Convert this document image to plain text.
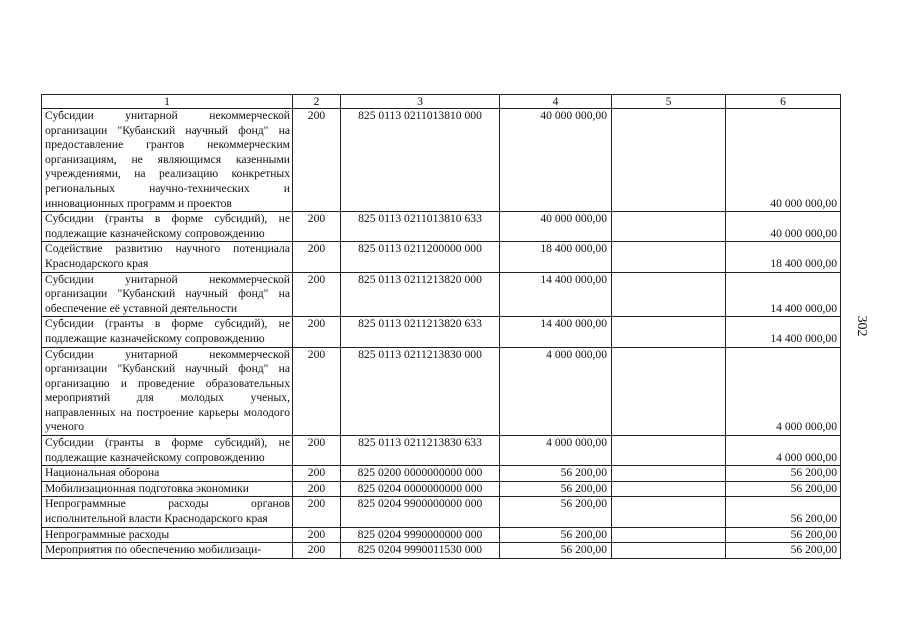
1	2	3	4	5	6
Субсидии унитарной некоммерческой организации "Кубанский научный фонд" на предоставление грантов некоммерческим организациям, не являющимся казенными учреждениями, на реализацию конкретных региональных научно-технических и инновационных программ и проектов	200	825 0113 0211013810 000	40 000 000,00		40 000 000,00
Субсидии (гранты в форме субсидий), не подлежащие казначейскому сопровождению	200	825 0113 0211013810 633	40 000 000,00		40 000 000,00
Содействие развитию научного потенциала Краснодарского края	200	825 0113 0211200000 000	18 400 000,00		18 400 000,00
Субсидии унитарной некоммерческой организации "Кубанский научный фонд" на обеспечение её уставной деятельности	200	825 0113 0211213820 000	14 400 000,00		14 400 000,00
Субсидии (гранты в форме субсидий), не подлежащие казначейскому сопровождению	200	825 0113 0211213820 633	14 400 000,00		14 400 000,00
Субсидии унитарной некоммерческой организации "Кубанский научный фонд" на организацию и проведение образовательных мероприятий для молодых ученых, направленных на построение карьеры молодого ученого	200	825 0113 0211213830 000	4 000 000,00		4 000 000,00
Субсидии (гранты в форме субсидий), не подлежащие казначейскому сопровождению	200	825 0113 0211213830 633	4 000 000,00		4 000 000,00
Национальная оборона	200	825 0200 0000000000 000	56 200,00		56 200,00
Мобилизационная подготовка экономики	200	825 0204 0000000000 000	56 200,00		56 200,00
Непрограммные расходы органов исполнительной власти Краснодарского края	200	825 0204 9900000000 000	56 200,00		56 200,00
Непрограммные расходы	200	825 0204 9990000000 000	56 200,00		56 200,00
Мероприятия по обеспечению мобилизаци-	200	825 0204 9990011530 000	56 200,00		56 200,00
302
